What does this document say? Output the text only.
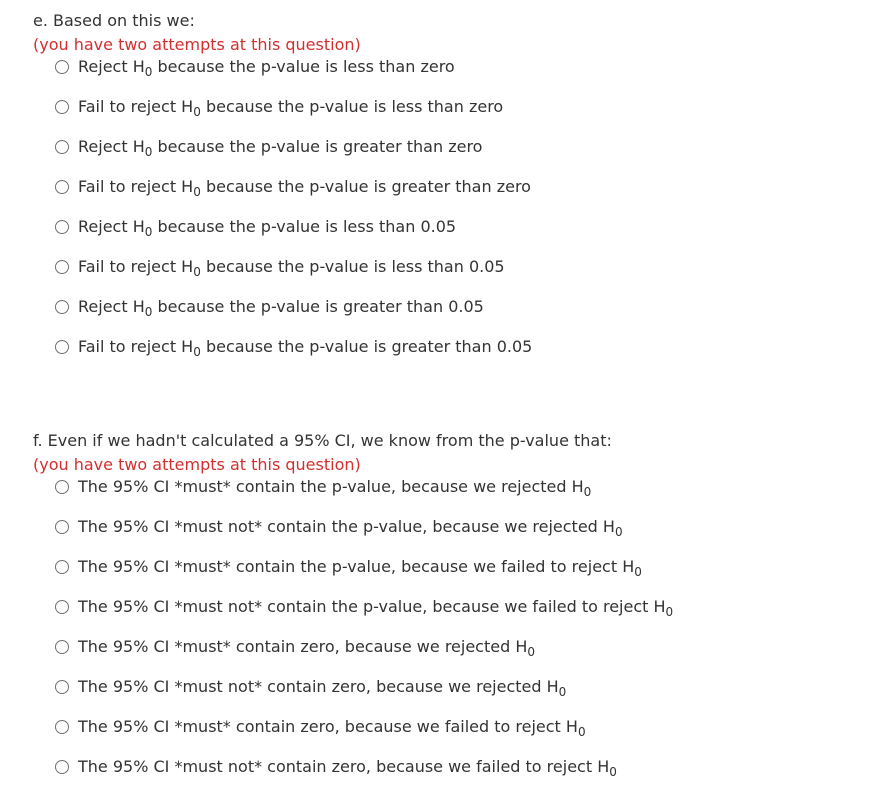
e. Based on this we:
(you have two attempts at this question)
Reject $H_0$ because the p-value is less than zero
Fail to reject $H_0$ because the p-value is less than zero
Reject $H_0$ because the p-value is greater than zero
Fail to reject $H_0$ because the p-value is greater than zero
Reject $H_0$ because the p-value is less than 0.05
Fail to reject $H_0$ because the p-value is less than 0.05
Reject $H_0$ because the p-value is greater than 0.05
Fail to reject $H_0$ because the p-value is greater than 0.05
f. Even if we hadn't calculated a 95% CI, we know from the p-value that:
(you have two attempts at this question)
The 95% CI *must* contain the p-value, because we rejected $H_0$
The 95% CI *must not* contain the p-value, because we rejected $H_0$
The 95% CI *must* contain the p-value, because we failed to reject $H_0$
The 95% CI *must not* contain the p-value, because we failed to reject $H_0$
The 95% CI *must* contain zero, because we rejected $H_0$
The 95% CI *must not* contain zero, because we rejected $H_0$
The 95% CI *must* contain zero, because we failed to reject $H_0$
The 95% CI *must not* contain zero, because we failed to reject $H_0$
